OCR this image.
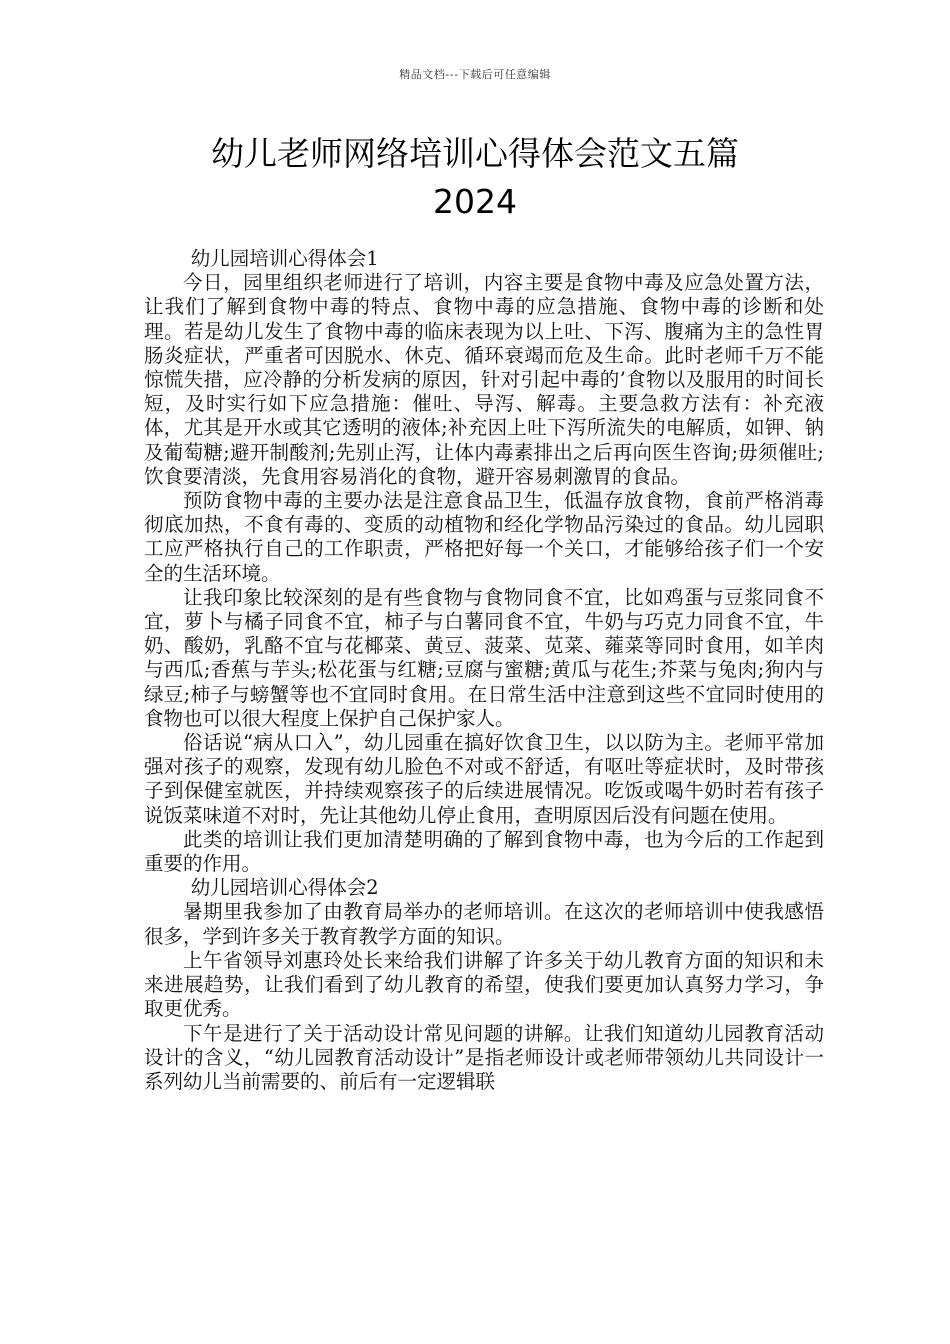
精品文档---下载后可任意编辑
幼儿老师网络培训心得体会范文五篇
2024

幼儿园培训心得体会1

今日，园里组织老师进行了培训，内容主要是食物中毒及应急处置方法，让我们了解到食物中毒的特点、食物中毒的应急措施、食物中毒的诊断和处理。若是幼儿发生了食物中毒的临床表现为以上吐、下泻、腹痛为主的急性胃肠炎症状，严重者可因脱水、休克、循环衰竭而危及生命。此时老师千万不能惊慌失措，应冷静的分析发病的原因，针对引起中毒的’食物以及服用的时间长短，及时实行如下应急措施：催吐、导泻、解毒。主要急救方法有：补充液体，尤其是开水或其它透明的液体;补充因上吐下泻所流失的电解质，如钾、钠及葡萄糖;避开制酸剂;先别止泻，让体内毒素排出之后再向医生咨询;毋须催吐;饮食要清淡，先食用容易消化的食物，避开容易刺激胃的食品。

预防食物中毒的主要办法是注意食品卫生，低温存放食物，食前严格消毒彻底加热，不食有毒的、变质的动植物和经化学物品污染过的食品。幼儿园职工应严格执行自己的工作职责，严格把好每一个关口，才能够给孩子们一个安全的生活环境。

让我印象比较深刻的是有些食物与食物同食不宜，比如鸡蛋与豆浆同食不宜，萝卜与橘子同食不宜，柿子与白薯同食不宜，牛奶与巧克力同食不宜，牛奶、酸奶，乳酪不宜与花椰菜、黄豆、菠菜、苋菜、蕹菜等同时食用，如羊肉与西瓜;香蕉与芋头;松花蛋与红糖;豆腐与蜜糖;黄瓜与花生;芥菜与兔肉;狗内与绿豆;柿子与螃蟹等也不宜同时食用。在日常生活中注意到这些不宜同时使用的食物也可以很大程度上保护自己保护家人。

俗话说“病从口入”，幼儿园重在搞好饮食卫生，以以防为主。老师平常加强对孩子的观察，发现有幼儿脸色不对或不舒适，有呕吐等症状时，及时带孩子到保健室就医，并持续观察孩子的后续进展情况。吃饭或喝牛奶时若有孩子说饭菜味道不对时，先让其他幼儿停止食用，查明原因后没有问题在使用。

此类的培训让我们更加清楚明确的了解到食物中毒，也为今后的工作起到重要的作用。

幼儿园培训心得体会2

暑期里我参加了由教育局举办的老师培训。在这次的老师培训中使我感悟很多，学到许多关于教育教学方面的知识。

上午省领导刘惠玲处长来给我们讲解了许多关于幼儿教育方面的知识和未来进展趋势，让我们看到了幼儿教育的希望，使我们要更加认真努力学习，争取更优秀。

下午是进行了关于活动设计常见问题的讲解。让我们知道幼儿园教育活动设计的含义，“幼儿园教育活动设计”是指老师设计或老师带领幼儿共同设计一系列幼儿当前需要的、前后有一定逻辑联
